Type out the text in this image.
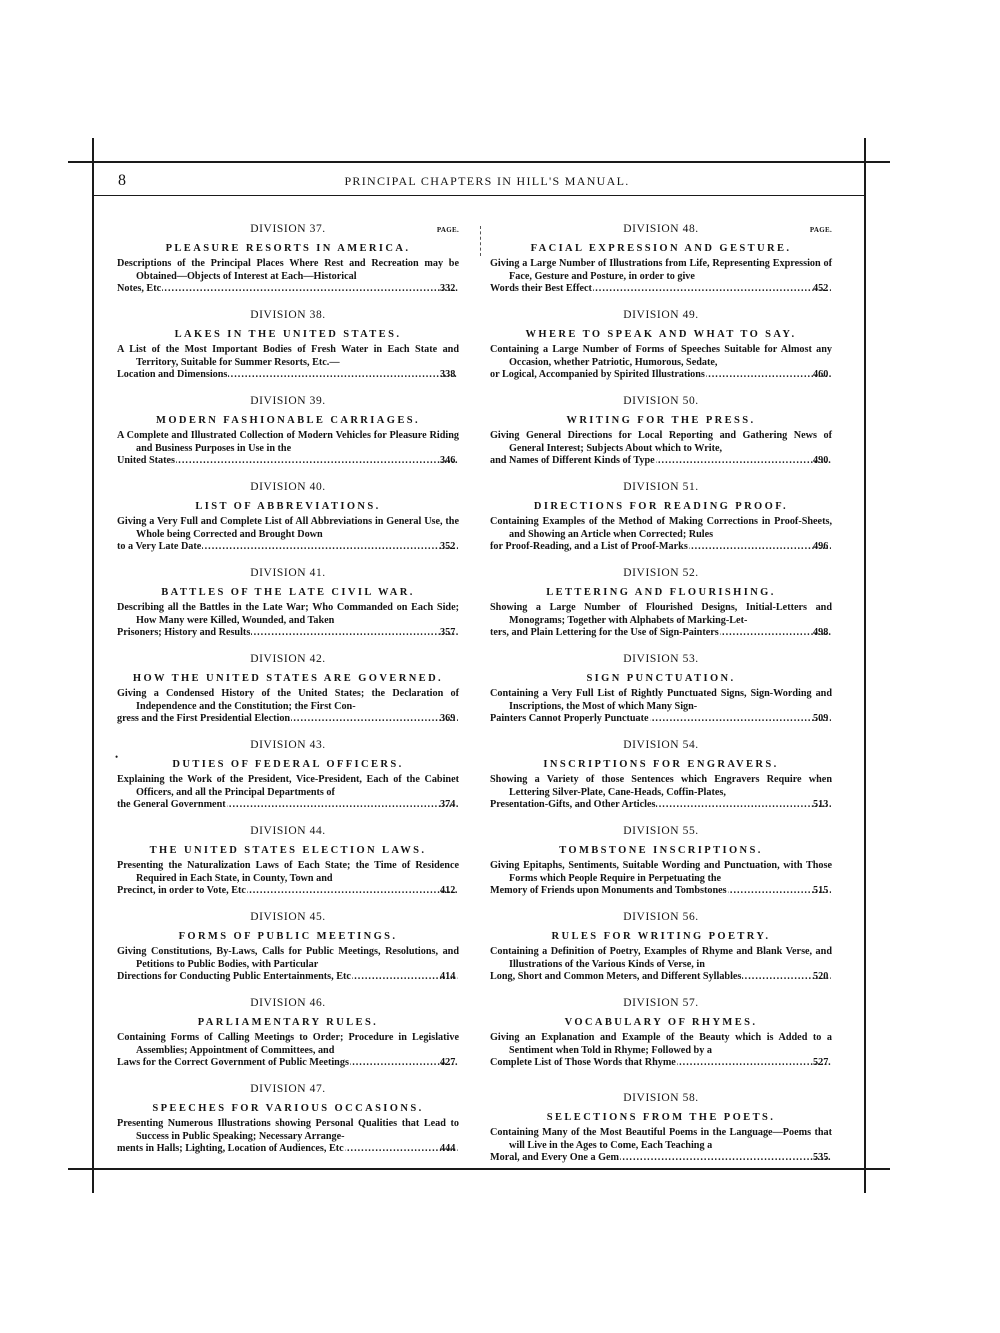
8	PRINCIPAL CHAPTERS IN HILL'S MANUAL.
DIVISION 37.	PAGE.
PLEASURE RESORTS IN AMERICA.
Descriptions of the Principal Places Where Rest and Recreation may be Obtained—Objects of Interest at Each—Historical
Notes, Etc .....	332
DIVISION 38.
LAKES IN THE UNITED STATES.
A List of the Most Important Bodies of Fresh Water in Each State and Territory, Suitable for Summer Resorts, Etc.—
Location and Dimensions .....	338
DIVISION 39.
MODERN FASHIONABLE CARRIAGES.
A Complete and Illustrated Collection of Modern Vehicles for Pleasure Riding and Business Purposes in Use in the
United States .....	346
DIVISION 40.
LIST OF ABBREVIATIONS.
Giving a Very Full and Complete List of All Abbreviations in General Use, the Whole being Corrected and Brought Down
to a Very Late Date .....	352
DIVISION 41.
BATTLES OF THE LATE CIVIL WAR.
Describing all the Battles in the Late War; Who Commanded on Each Side; How Many were Killed, Wounded, and Taken
Prisoners; History and Results .....	357
DIVISION 42.
HOW THE UNITED STATES ARE GOVERNED.
Giving a Condensed History of the United States; the Declaration of Independence and the Constitution; the First Con-
gress and the First Presidential Election .....	369
DIVISION 43.
DUTIES OF FEDERAL OFFICERS.
Explaining the Work of the President, Vice-President, Each of the Cabinet Officers, and all the Principal Departments of
the General Government .....	374
DIVISION 44.
THE UNITED STATES ELECTION LAWS.
Presenting the Naturalization Laws of Each State; the Time of Residence Required in Each State, in County, Town and
Precinct, in order to Vote, Etc .....	412
DIVISION 45.
FORMS OF PUBLIC MEETINGS.
Giving Constitutions, By-Laws, Calls for Public Meetings, Resolutions, and Petitions to Public Bodies, with Particular
Directions for Conducting Public Entertainments, Etc .....	414
DIVISION 46.
PARLIAMENTARY RULES.
Containing Forms of Calling Meetings to Order; Procedure in Legislative Assemblies; Appointment of Committees, and
Laws for the Correct Government of Public Meetings .....	427
DIVISION 47.
SPEECHES FOR VARIOUS OCCASIONS.
Presenting Numerous Illustrations showing Personal Qualities that Lead to Success in Public Speaking; Necessary Arrange-
ments in Halls; Lighting, Location of Audiences, Etc .....	444
•
DIVISION 48.	PAGE.
FACIAL EXPRESSION AND GESTURE.
Giving a Large Number of Illustrations from Life, Representing Expression of Face, Gesture and Posture, in order to give
Words their Best Effect .....	452
DIVISION 49.
WHERE TO SPEAK AND WHAT TO SAY.
Containing a Large Number of Forms of Speeches Suitable for Almost any Occasion, whether Patriotic, Humorous, Sedate,
or Logical, Accompanied by Spirited Illustrations .....	460
DIVISION 50.
WRITING FOR THE PRESS.
Giving General Directions for Local Reporting and Gathering News of General Interest; Subjects About which to Write,
and Names of Different Kinds of Type .....	490
DIVISION 51.
DIRECTIONS FOR READING PROOF.
Containing Examples of the Method of Making Corrections in Proof-Sheets, and Showing an Article when Corrected; Rules
for Proof-Reading, and a List of Proof-Marks .....	496
DIVISION 52.
LETTERING AND FLOURISHING.
Showing a Large Number of Flourished Designs, Initial-Letters and Monograms; Together with Alphabets of Marking-Let-
ters, and Plain Lettering for the Use of Sign-Painters .....	498
DIVISION 53.
SIGN PUNCTUATION.
Containing a Very Full List of Rightly Punctuated Signs, Sign-Wording and Inscriptions, the Most of which Many Sign-
Painters Cannot Properly Punctuate .....	509
DIVISION 54.
INSCRIPTIONS FOR ENGRAVERS.
Showing a Variety of those Sentences which Engravers Require when Lettering Silver-Plate, Cane-Heads, Coffin-Plates,
Presentation-Gifts, and Other Articles .....	513
DIVISION 55.
TOMBSTONE INSCRIPTIONS.
Giving Epitaphs, Sentiments, Suitable Wording and Punctuation, with Those Forms which People Require in Perpetuating the
Memory of Friends upon Monuments and Tombstones .....	515
DIVISION 56.
RULES FOR WRITING POETRY.
Containing a Definition of Poetry, Examples of Rhyme and Blank Verse, and Illustrations of the Various Kinds of Verse, in
Long, Short and Common Meters, and Different Syllables .....	520
DIVISION 57.
VOCABULARY OF RHYMES.
Giving an Explanation and Example of the Beauty which is Added to a Sentiment when Told in Rhyme; Followed by a
Complete List of Those Words that Rhyme .....	527
DIVISION 58.
SELECTIONS FROM THE POETS.
Containing Many of the Most Beautiful Poems in the Language—Poems that will Live in the Ages to Come, Each Teaching a
Moral, and Every One a Gem .....	535
